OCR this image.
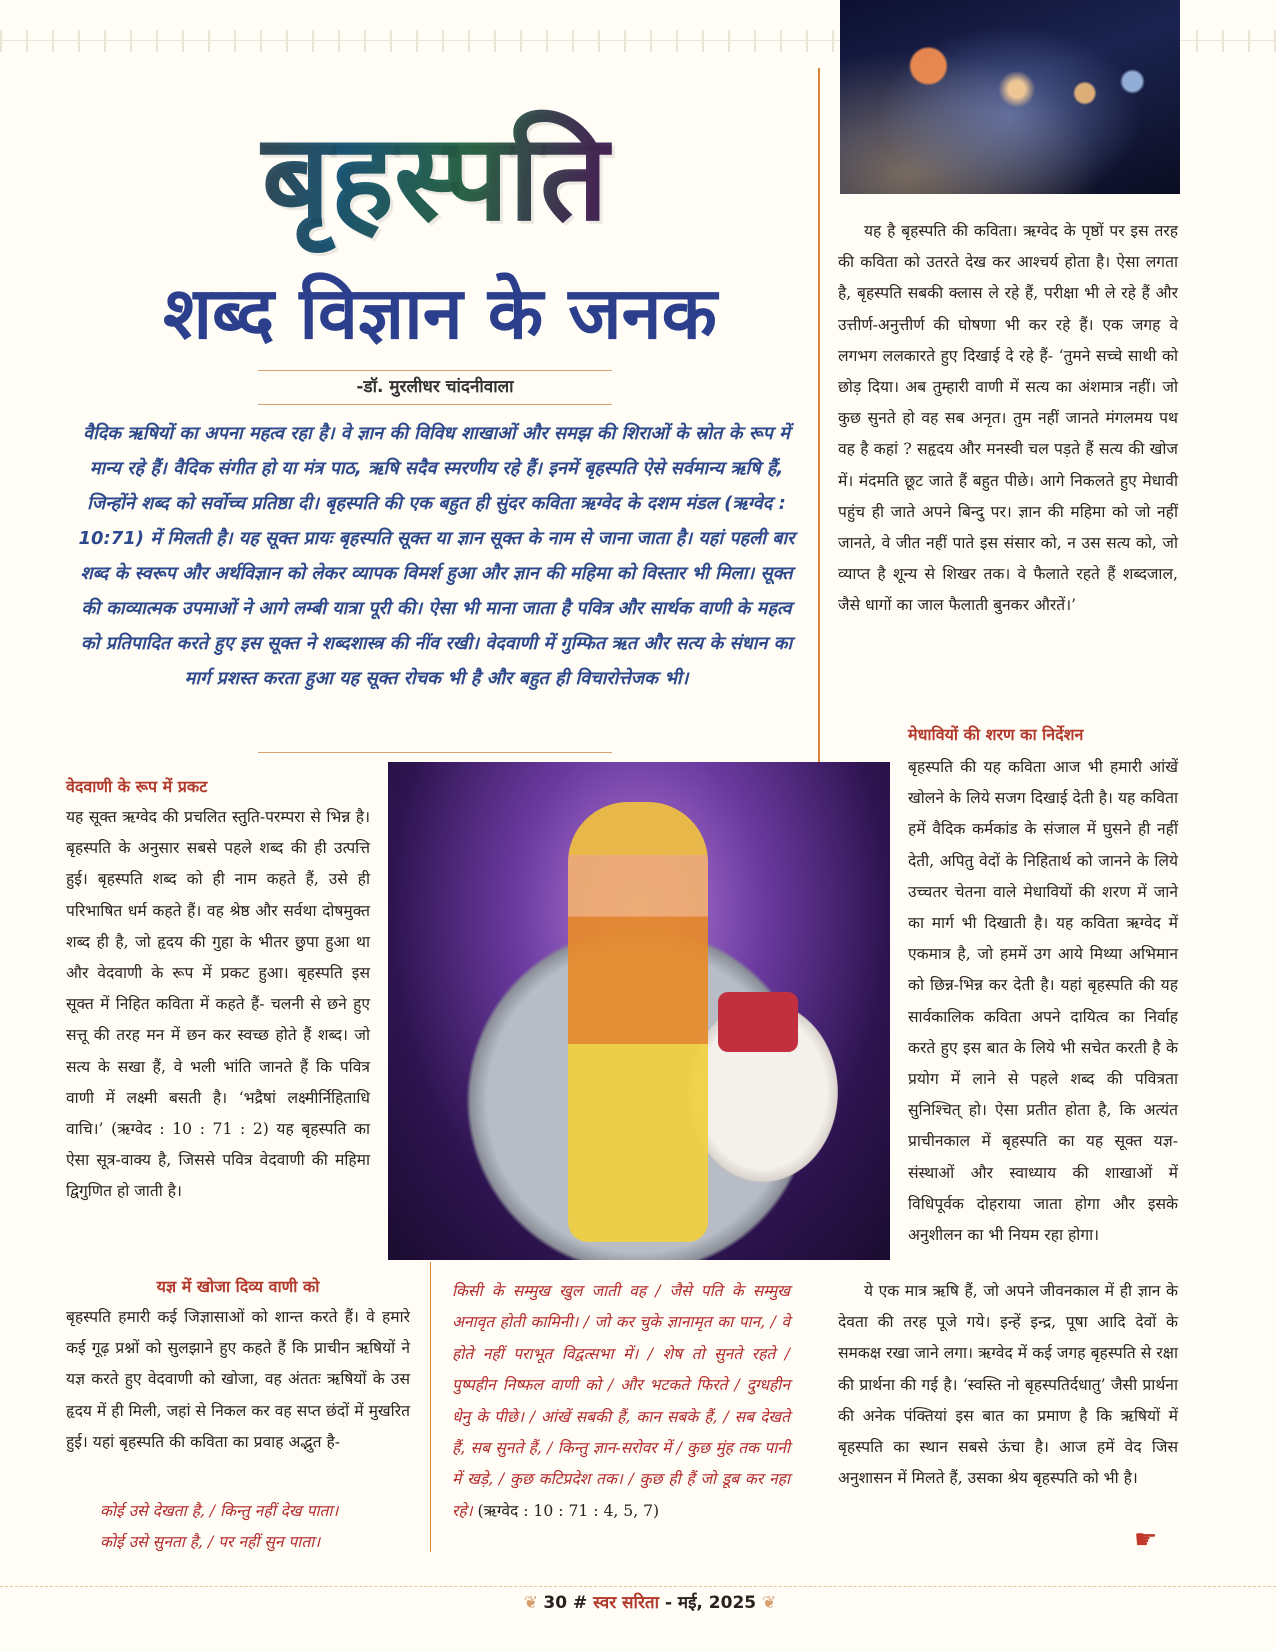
बृहस्पति
शब्द विज्ञान के जनक
-डॉ. मुरलीधर चांदनीवाला
वैदिक ऋषियों का अपना महत्व रहा है। वे ज्ञान की विविध शाखाओं और समझ की शिराओं के स्रोत के रूप में मान्य रहे हैं। वैदिक संगीत हो या मंत्र पाठ, ऋषि सदैव स्मरणीय रहे हैं। इनमें बृहस्पति ऐसे सर्वमान्य ऋषि हैं, जिन्होंने शब्द को सर्वोच्च प्रतिष्ठा दी। बृहस्पति की एक बहुत ही सुंदर कविता ऋग्वेद के दशम मंडल (ऋग्वेद : 10:71) में मिलती है। यह सूक्त प्रायः बृहस्पति सूक्त या ज्ञान सूक्त के नाम से जाना जाता है। यहां पहली बार शब्द के स्वरूप और अर्थविज्ञान को लेकर व्यापक विमर्श हुआ और ज्ञान की महिमा को विस्तार भी मिला। सूक्त की काव्यात्मक उपमाओं ने आगे लम्बी यात्रा पूरी की। ऐसा भी माना जाता है पवित्र और सार्थक वाणी के महत्व को प्रतिपादित करते हुए इस सूक्त ने शब्दशास्त्र की नींव रखी। वेदवाणी में गुम्फित ऋत और सत्य के संधान का मार्ग प्रशस्त करता हुआ यह सूक्त रोचक भी है और बहुत ही विचारोत्तेजक भी।
वेदवाणी के रूप में प्रकट

यह सूक्त ऋग्वेद की प्रचलित स्तुति-परम्परा से भिन्न है। बृहस्पति के अनुसार सबसे पहले शब्द की ही उत्पत्ति हुई। बृहस्पति शब्द को ही नाम कहते हैं, उसे ही परिभाषित धर्म कहते हैं। वह श्रेष्ठ और सर्वथा दोषमुक्त शब्द ही है, जो हृदय की गुहा के भीतर छुपा हुआ था और वेदवाणी के रूप में प्रकट हुआ। बृहस्पति इस सूक्त में निहित कविता में कहते हैं- चलनी से छने हुए सत्तू की तरह मन में छन कर स्वच्छ होते हैं शब्द। जो सत्य के सखा हैं, वे भली भांति जानते हैं कि पवित्र वाणी में लक्ष्मी बसती है। ‘भद्रैषां लक्ष्मीर्निहिताधि वाचि।’ (ऋग्वेद : 10 : 71 : 2) यह बृहस्पति का ऐसा सूत्र-वाक्य है, जिससे पवित्र वेदवाणी की महिमा द्विगुणित हो जाती है।

यज्ञ में खोजा दिव्य वाणी को

बृहस्पति हमारी कई जिज्ञासाओं को शान्त करते हैं। वे हमारे कई गूढ़ प्रश्नों को सुलझाने हुए कहते हैं कि प्राचीन ऋषियों ने यज्ञ करते हुए वेदवाणी को खोजा, वह अंततः ऋषियों के उस हृदय में ही मिली, जहां से निकल कर वह सप्त छंदों में मुखरित हुई। यहां बृहस्पति की कविता का प्रवाह अद्भुत है-

कोई उसे देखता है, / किन्तु नहीं देख पाता।
कोई उसे सुनता है, / पर नहीं सुन पाता।
किसी के सम्मुख खुल जाती वह / जैसे पति के सम्मुख अनावृत होती कामिनी। / जो कर चुके ज्ञानामृत का पान, / वे होते नहीं पराभूत विद्वत्सभा में। / शेष तो सुनते रहते / पुष्पहीन निष्फल वाणी को / और भटकते फिरते / दुग्धहीन धेनु के पीछे। / आंखें सबकी हैं, कान सबके हैं, / सब देखते हैं, सब सुनते हैं, / किन्तु ज्ञान-सरोवर में / कुछ मुंह तक पानी में खड़े, / कुछ कटिप्रदेश तक। / कुछ ही हैं जो डूब कर नहा रहे। (ऋग्वेद : 10 : 71 : 4, 5, 7)

यह है बृहस्पति की कविता। ऋग्वेद के पृष्ठों पर इस तरह की कविता को उतरते देख कर आश्चर्य होता है। ऐसा लगता है, बृहस्पति सबकी क्लास ले रहे हैं, परीक्षा भी ले रहे हैं और उत्तीर्ण-अनुत्तीर्ण की घोषणा भी कर रहे हैं। एक जगह वे लगभग ललकारते हुए दिखाई दे रहे हैं- ‘तुमने सच्चे साथी को छोड़ दिया। अब तुम्हारी वाणी में सत्य का अंशमात्र नहीं। जो कुछ सुनते हो वह सब अनृत। तुम नहीं जानते मंगलमय पथ वह है कहां ? सहृदय और मनस्वी चल पड़ते हैं सत्य की खोज में। मंदमति छूट जाते हैं बहुत पीछे। आगे निकलते हुए मेधावी पहुंच ही जाते अपने बिन्दु पर। ज्ञान की महिमा को जो नहीं जानते, वे जीत नहीं पाते इस संसार को, न उस सत्य को, जो व्याप्त है शून्य से शिखर तक। वे फैलाते रहते हैं शब्दजाल, जैसे धागों का जाल फैलाती बुनकर औरतें।’

मेधावियों की शरण का निर्देशन

बृहस्पति की यह कविता आज भी हमारी आंखें खोलने के लिये सजग दिखाई देती है। यह कविता हमें वैदिक कर्मकांड के संजाल में घुसने ही नहीं देती, अपितु वेदों के निहितार्थ को जानने के लिये उच्चतर चेतना वाले मेधावियों की शरण में जाने का मार्ग भी दिखाती है। यह कविता ऋग्वेद में एकमात्र है, जो हममें उग आये मिथ्या अभिमान को छिन्न-भिन्न कर देती है। यहां बृहस्पति की यह सार्वकालिक कविता अपने दायित्व का निर्वाह करते हुए इस बात के लिये भी सचेत करती है के प्रयोग में लाने से पहले शब्द की पवित्रता सुनिश्चित् हो। ऐसा प्रतीत होता है, कि अत्यंत प्राचीनकाल में बृहस्पति का यह सूक्त यज्ञ-संस्थाओं और स्वाध्याय की शाखाओं में विधिपूर्वक दोहराया जाता होगा और इसके अनुशीलन का भी नियम रहा होगा।

ये एक मात्र ऋषि हैं, जो अपने जीवनकाल में ही ज्ञान के देवता की तरह पूजे गये। इन्हें इन्द्र, पूषा आदि देवों के समकक्ष रखा जाने लगा। ऋग्वेद में कई जगह बृहस्पति से रक्षा की प्रार्थना की गई है। ‘स्वस्ति नो बृहस्पतिर्दधातु’ जैसी प्रार्थना की अनेक पंक्तियां इस बात का प्रमाण है कि ऋषियों में बृहस्पति का स्थान सबसे ऊंचा है। आज हमें वेद जिस अनुशासन में मिलते हैं, उसका श्रेय बृहस्पति को भी है।

☛
❦ 30 # स्वर सरिता - मई, 2025 ❦
